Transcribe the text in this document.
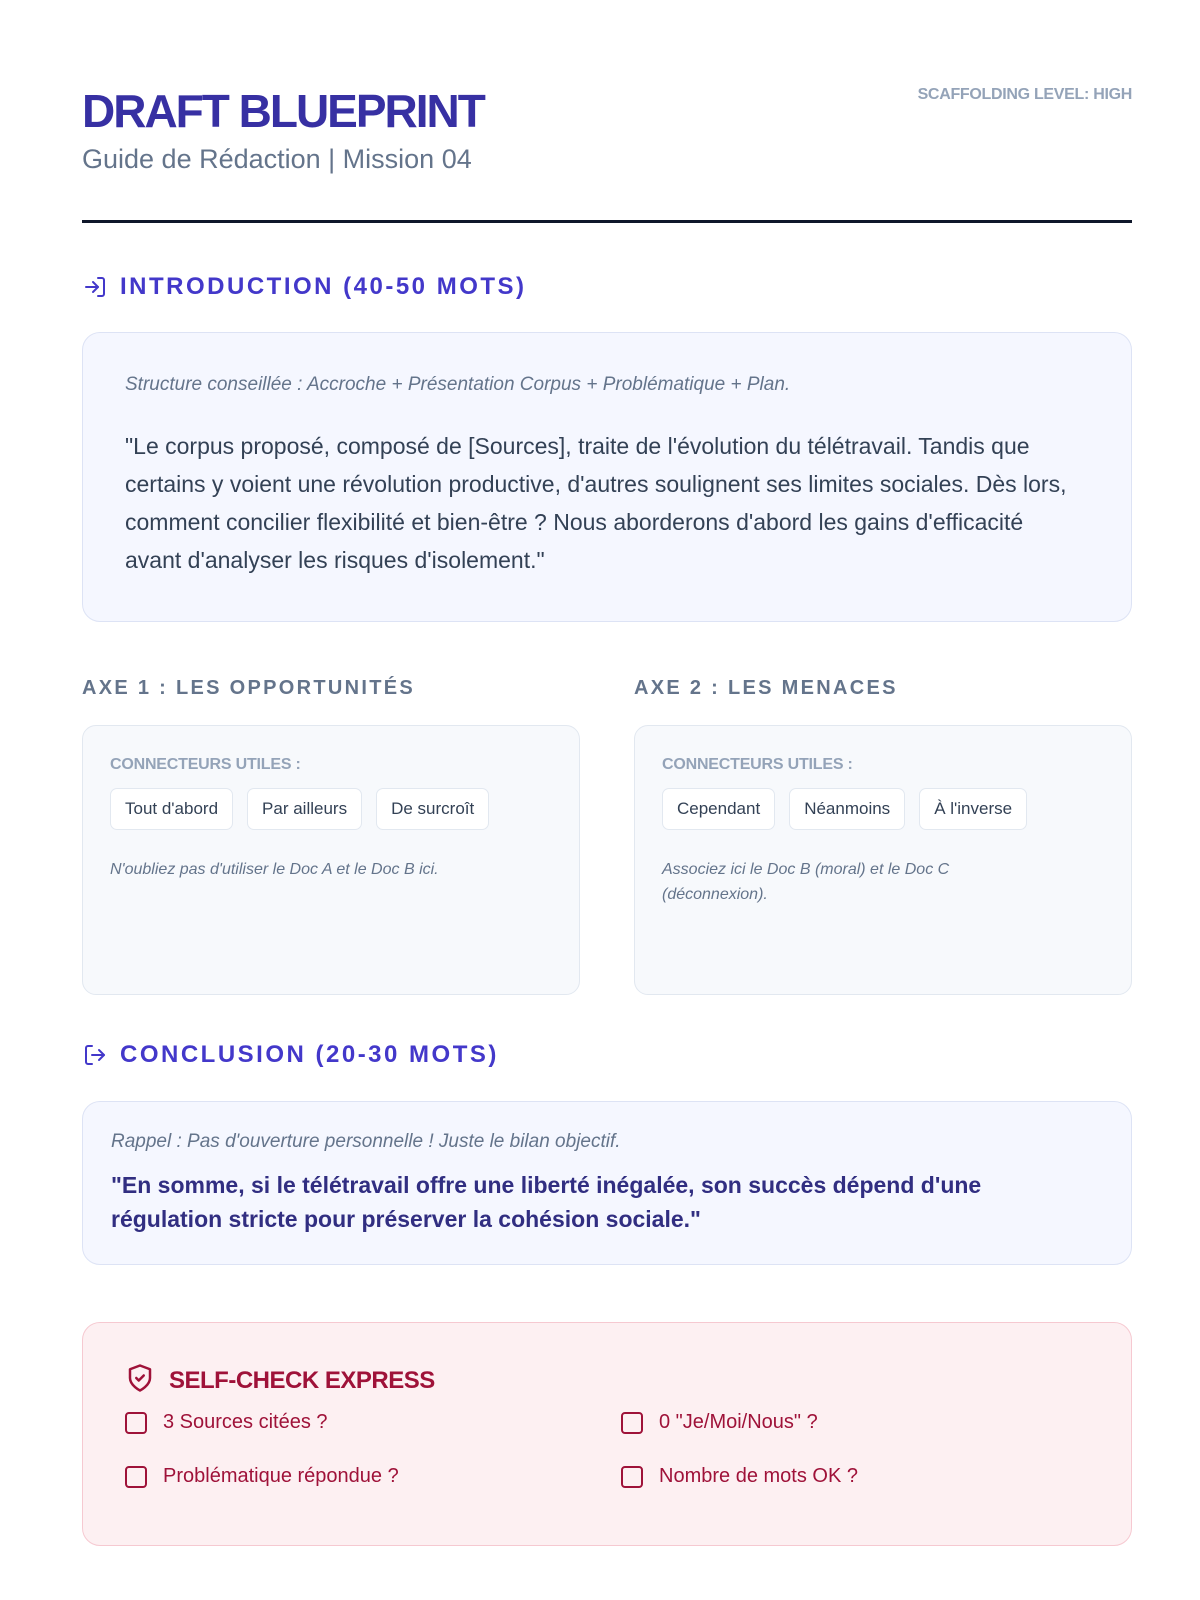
DRAFT BLUEPRINT
Guide de Rédaction | Mission 04
SCAFFOLDING LEVEL: HIGH
INTRODUCTION (40-50 MOTS)
Structure conseillée : Accroche + Présentation Corpus + Problématique + Plan.
"Le corpus proposé, composé de [Sources], traite de l'évolution du télétravail. Tandis que certains y voient une révolution productive, d'autres soulignent ses limites sociales. Dès lors, comment concilier flexibilité et bien-être ? Nous aborderons d'abord les gains d'efficacité avant d'analyser les risques d'isolement."
AXE 1 : LES OPPORTUNITÉS
CONNECTEURS UTILES :
Tout d'abord	Par ailleurs	De surcroît
N'oubliez pas d'utiliser le Doc A et le Doc B ici.
AXE 2 : LES MENACES
CONNECTEURS UTILES :
Cependant	Néanmoins	À l'inverse
Associez ici le Doc B (moral) et le Doc C (déconnexion).
CONCLUSION (20-30 MOTS)
Rappel : Pas d'ouverture personnelle ! Juste le bilan objectif.
"En somme, si le télétravail offre une liberté inégalée, son succès dépend d'une régulation stricte pour préserver la cohésion sociale."
SELF-CHECK EXPRESS
3 Sources citées ?	0 "Je/Moi/Nous" ?
Problématique répondue ?	Nombre de mots OK ?
